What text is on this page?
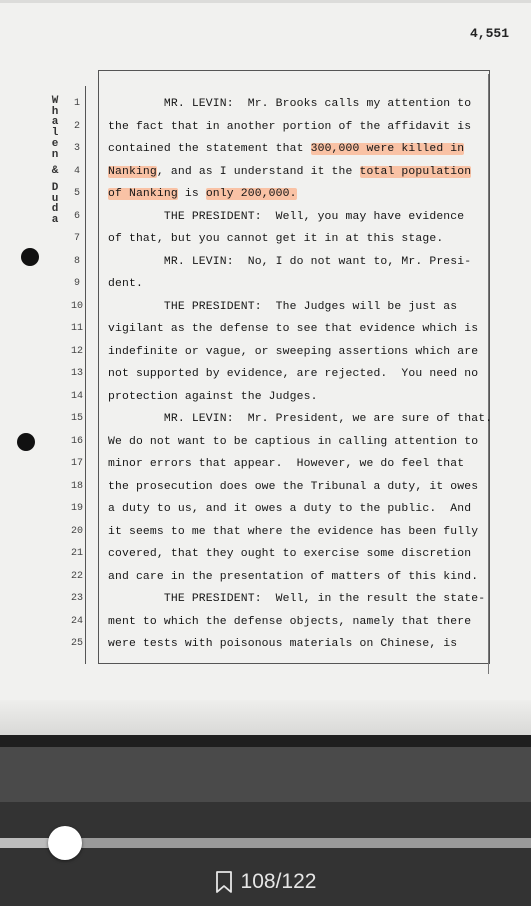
4,551
W
h
a
l
e
n
&
D
u
d
a
1
2
3
4
5
6
7
8
9
10
11
12
13
14
15
16
17
18
19
20
21
22
23
24
25
MR. LEVIN:  Mr. Brooks calls my attention to
the fact that in another portion of the affidavit is
contained the statement that 300,000 were killed in
Nanking, and as I understand it the total population
of Nanking is only 200,000.
THE PRESIDENT:  Well, you may have evidence
of that, but you cannot get it in at this stage.
MR. LEVIN:  No, I do not want to, Mr. Presi-
dent.
THE PRESIDENT:  The Judges will be just as
vigilant as the defense to see that evidence which is
indefinite or vague, or sweeping assertions which are
not supported by evidence, are rejected.  You need no
protection against the Judges.
MR. LEVIN:  Mr. President, we are sure of that.
We do not want to be captious in calling attention to
minor errors that appear.  However, we do feel that
the prosecution does owe the Tribunal a duty, it owes
a duty to us, and it owes a duty to the public.  And
it seems to me that where the evidence has been fully
covered, that they ought to exercise some discretion
and care in the presentation of matters of this kind.
THE PRESIDENT:  Well, in the result the state-
ment to which the defense objects, namely that there
were tests with poisonous materials on Chinese, is
108/122
